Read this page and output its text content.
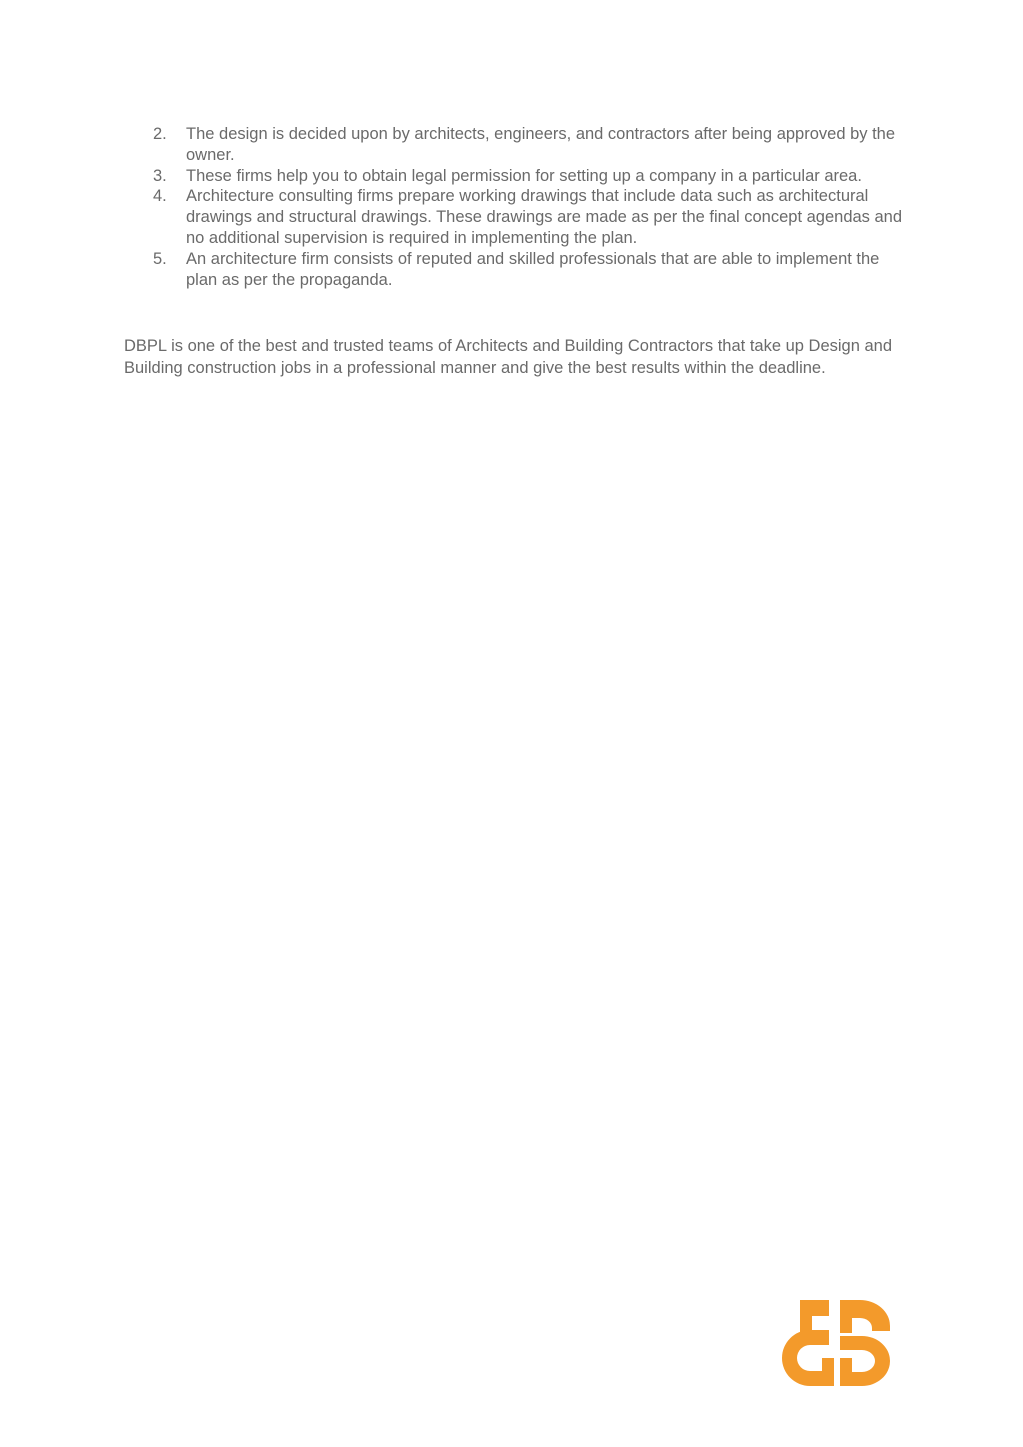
2. The design is decided upon by architects, engineers, and contractors after being approved by the owner.
3. These firms help you to obtain legal permission for setting up a company in a particular area.
4. Architecture consulting firms prepare working drawings that include data such as architectural drawings and structural drawings. These drawings are made as per the final concept agendas and no additional supervision is required in implementing the plan.
5. An architecture firm consists of reputed and skilled professionals that are able to implement the plan as per the propaganda.

DBPL is one of the best and trusted teams of Architects and Building Contractors that take up Design and Building construction jobs in a professional manner and give the best results within the deadline.
